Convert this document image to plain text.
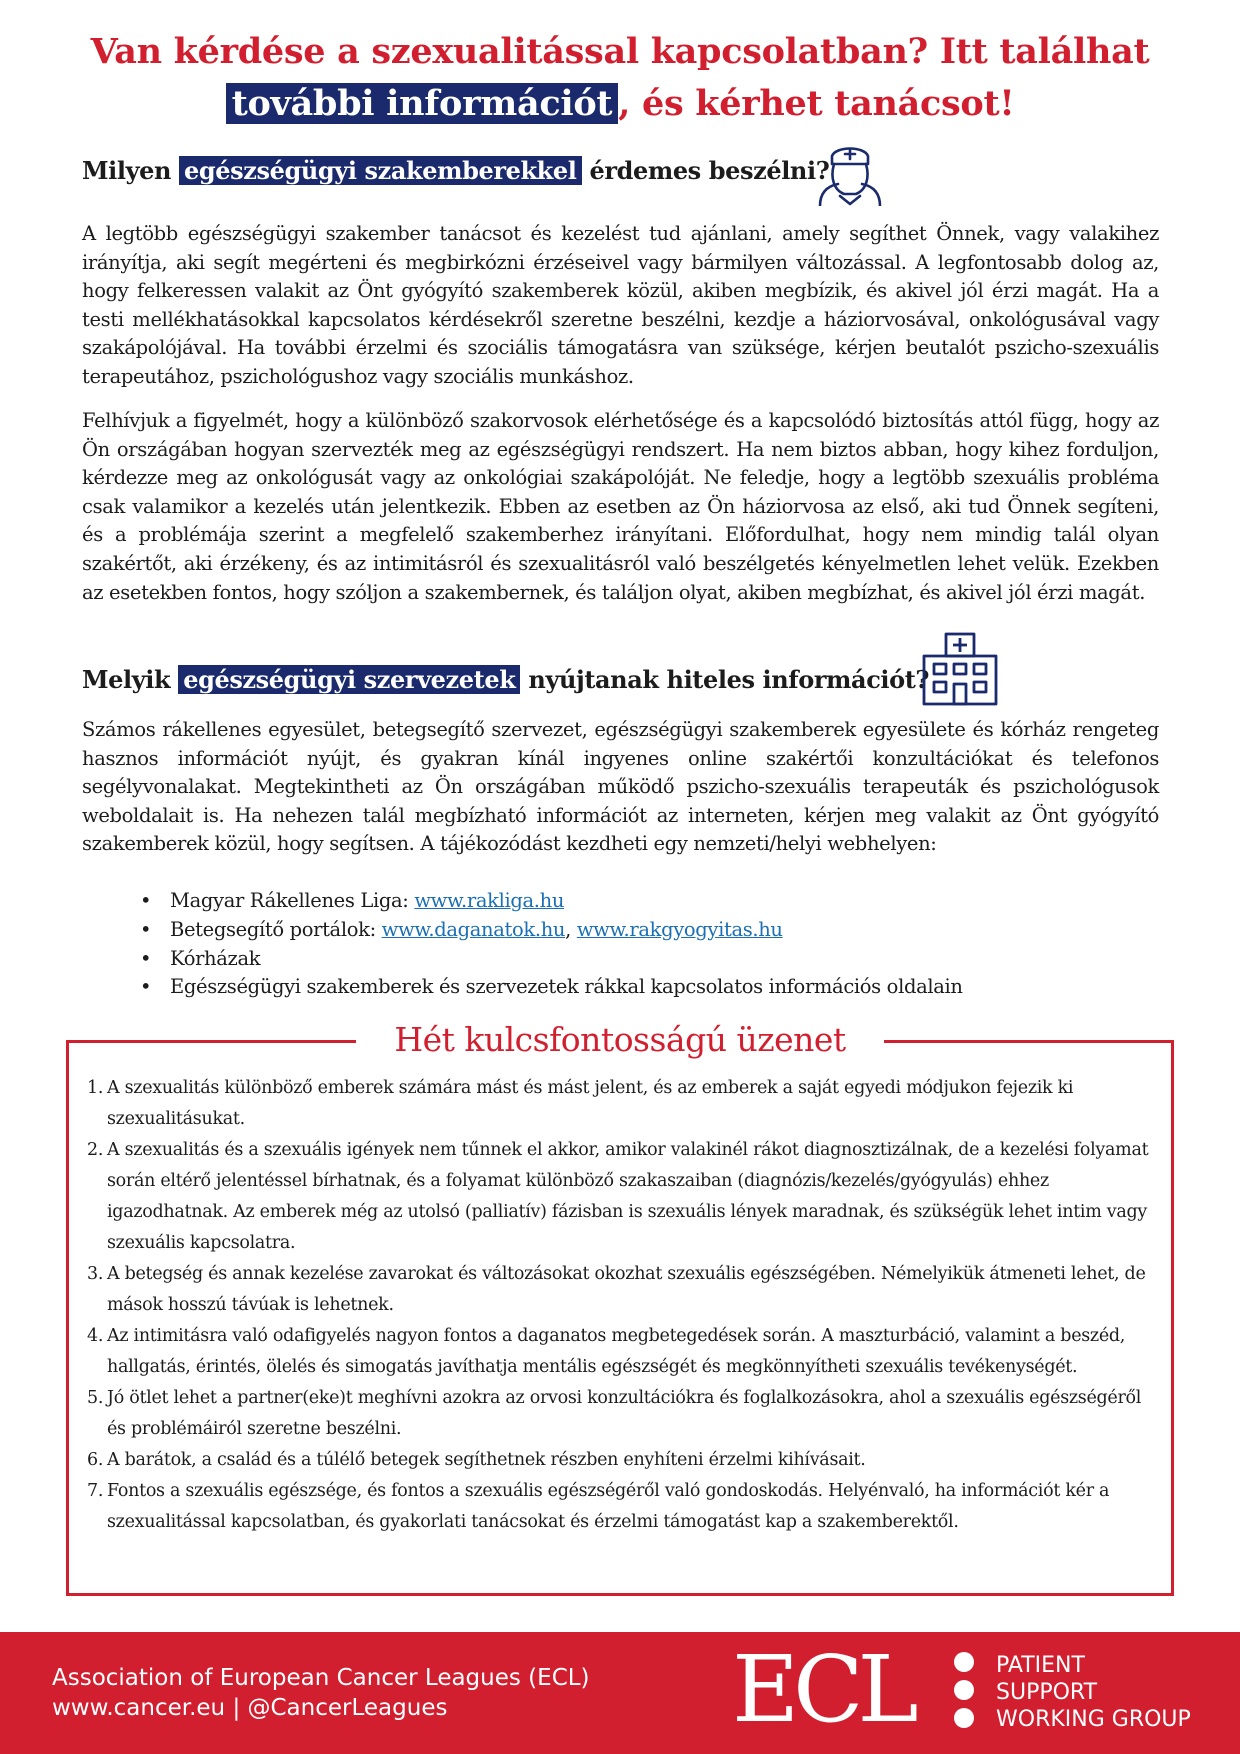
Van kérdése a szexualitással kapcsolatban? Itt találhat
további információt , és kérhet tanácsot!
Milyen egészségügyi szakemberekkel érdemes beszélni?

A legtöbb egészségügyi szakember tanácsot és kezelést tud ajánlani, amely segíthet Önnek, vagy valakihez irányítja, aki segít megérteni és megbirkózni érzéseivel vagy bármilyen változással. A legfontosabb dolog az, hogy felkeressen valakit az Önt gyógyító szakemberek közül, akiben megbízik, és akivel jól érzi magát. Ha a testi mellékhatásokkal kapcsolatos kérdésekről szeretne beszélni, kezdje a háziorvosával, onkológusával vagy szakápolójával. Ha további érzelmi és szociális támogatásra van szüksége, kérjen beutalót pszicho-szexuális terapeutához, pszichológushoz vagy szociális munkáshoz.

Felhívjuk a figyelmét, hogy a különböző szakorvosok elérhetősége és a kapcsolódó biztosítás attól függ, hogy az Ön országában hogyan szervezték meg az egészségügyi rendszert. Ha nem biztos abban, hogy kihez forduljon, kérdezze meg az onkológusát vagy az onkológiai szakápolóját. Ne feledje, hogy a legtöbb szexuális probléma csak valamikor a kezelés után jelentkezik. Ebben az esetben az Ön háziorvosa az első, aki tud Önnek segíteni, és a problémája szerint a megfelelő szakemberhez irányítani. Előfordulhat, hogy nem mindig talál olyan szakértőt, aki érzékeny, és az intimitásról és szexualitásról való beszélgetés kényelmetlen lehet velük. Ezekben az esetekben fontos, hogy szóljon a szakembernek, és találjon olyat, akiben megbízhat, és akivel jól érzi magát.

Melyik egészségügyi szervezetek nyújtanak hiteles információt?

Számos rákellenes egyesület, betegsegítő szervezet, egészségügyi szakemberek egyesülete és kórház rengeteg hasznos információt nyújt, és gyakran kínál ingyenes online szakértői konzultációkat és telefonos segélyvonalakat. Megtekintheti az Ön országában működő pszicho-szexuális terapeuták és pszichológusok weboldalait is. Ha nehezen talál megbízható információt az interneten, kérjen meg valakit az Önt gyógyító szakemberek közül, hogy segítsen. A tájékozódást kezdheti egy nemzeti/helyi webhelyen:

• Magyar Rákellenes Liga: www.rakliga.hu
• Betegsegítő portálok: www.daganatok.hu, www.rakgyogyitas.hu
• Kórházak
• Egészségügyi szakemberek és szervezetek rákkal kapcsolatos információs oldalain
Hét kulcsfontosságú üzenet
1. A szexualitás különböző emberek számára mást és mást jelent, és az emberek a saját egyedi módjukon fejezik ki szexualitásukat.
2. A szexualitás és a szexuális igények nem tűnnek el akkor, amikor valakinél rákot diagnosztizálnak, de a kezelési folyamat során eltérő jelentéssel bírhatnak, és a folyamat különböző szakaszaiban (diagnózis/kezelés/gyógyulás) ehhez igazodhatnak. Az emberek még az utolsó (palliatív) fázisban is szexuális lények maradnak, és szükségük lehet intim vagy szexuális kapcsolatra.
3. A betegség és annak kezelése zavarokat és változásokat okozhat szexuális egészségében. Némelyikük átmeneti lehet, de mások hosszú távúak is lehetnek.
4. Az intimitásra való odafigyelés nagyon fontos a daganatos megbetegedések során. A maszturbáció, valamint a beszéd, hallgatás, érintés, ölelés és simogatás javíthatja mentális egészségét és megkönnyítheti szexuális tevékenységét.
5. Jó ötlet lehet a partner(eke)t meghívni azokra az orvosi konzultációkra és foglalkozásokra, ahol a szexuális egészségéről és problémáiról szeretne beszélni.
6. A barátok, a család és a túlélő betegek segíthetnek részben enyhíteni érzelmi kihívásait.
7. Fontos a szexuális egészsége, és fontos a szexuális egészségéről való gondoskodás. Helyénvaló, ha információt kér a szexualitással kapcsolatban, és gyakorlati tanácsokat és érzelmi támogatást kap a szakemberektől.
Association of European Cancer Leagues (ECL)
www.cancer.eu | @CancerLeagues	ECL	PATIENT
SUPPORT
WORKING GROUP
